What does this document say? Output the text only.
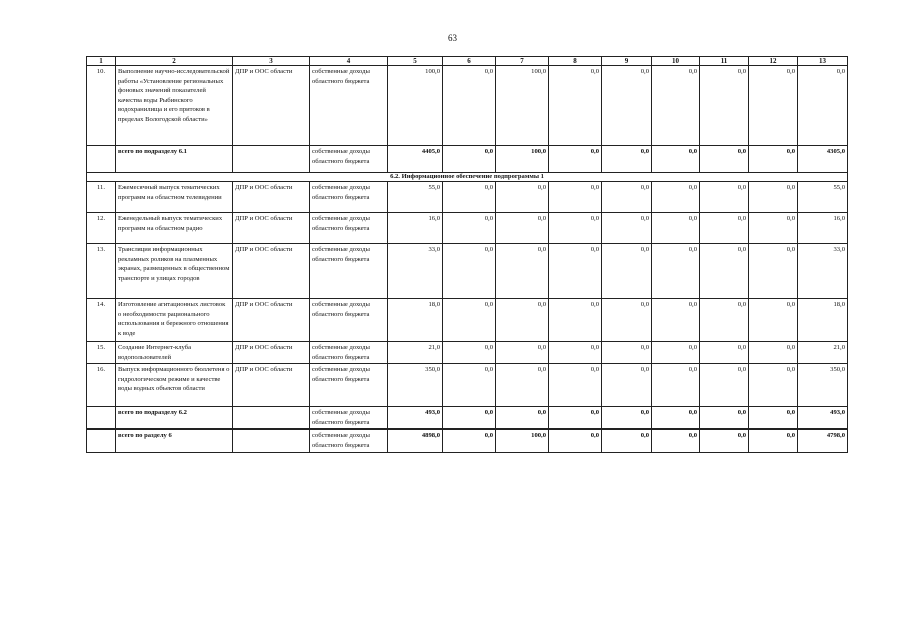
63
1	2	3	4	5	6	7	8	9	10	11	12	13
10.	Выполнение научно-исследовательской работы «Установление региональных фоновых значений показателей качества воды Рыбинского водохранилища и его притоков в пределах Вологодской области»	ДПР и ООС области	собственные доходы областного бюджета	100,0	0,0	100,0	0,0	0,0	0,0	0,0	0,0	0,0
	всего по подразделу 6.1		собственные доходы областного бюджета	4405,0	0,0	100,0	0,0	0,0	0,0	0,0	0,0	4305,0
6.2. Информационное обеспечение подпрограммы 1												
11.	Ежемесячный выпуск тематических программ на областном телевидении	ДПР и ООС области	собственные доходы областного бюджета	55,0	0,0	0,0	0,0	0,0	0,0	0,0	0,0	55,0
12.	Еженедельный выпуск тематических программ на областном радио	ДПР и ООС области	собственные доходы областного бюджета	16,0	0,0	0,0	0,0	0,0	0,0	0,0	0,0	16,0
13.	Трансляция информационных рекламных роликов на плазменных экранах, размещенных в общественном транспорте и улицах городов	ДПР и ООС области	собственные доходы областного бюджета	33,0	0,0	0,0	0,0	0,0	0,0	0,0	0,0	33,0
14.	Изготовление агитационных листовок о необходимости рационального использования и бережного отношения к воде	ДПР и ООС области	собственные доходы областного бюджета	18,0	0,0	0,0	0,0	0,0	0,0	0,0	0,0	18,0
15.	Создание Интернет-клуба водопользователей	ДПР и ООС области	собственные доходы областного бюджета	21,0	0,0	0,0	0,0	0,0	0,0	0,0	0,0	21,0
16.	Выпуск информационного бюллетеня о гидрологическом режиме и качестве воды водных объектов области	ДПР и ООС области	собственные доходы областного бюджета	350,0	0,0	0,0	0,0	0,0	0,0	0,0	0,0	350,0
	всего по подразделу 6.2		собственные доходы областного бюджета	493,0	0,0	0,0	0,0	0,0	0,0	0,0	0,0	493,0
	всего по разделу 6		собственные доходы областного бюджета	4898,0	0,0	100,0	0,0	0,0	0,0	0,0	0,0	4798,0
